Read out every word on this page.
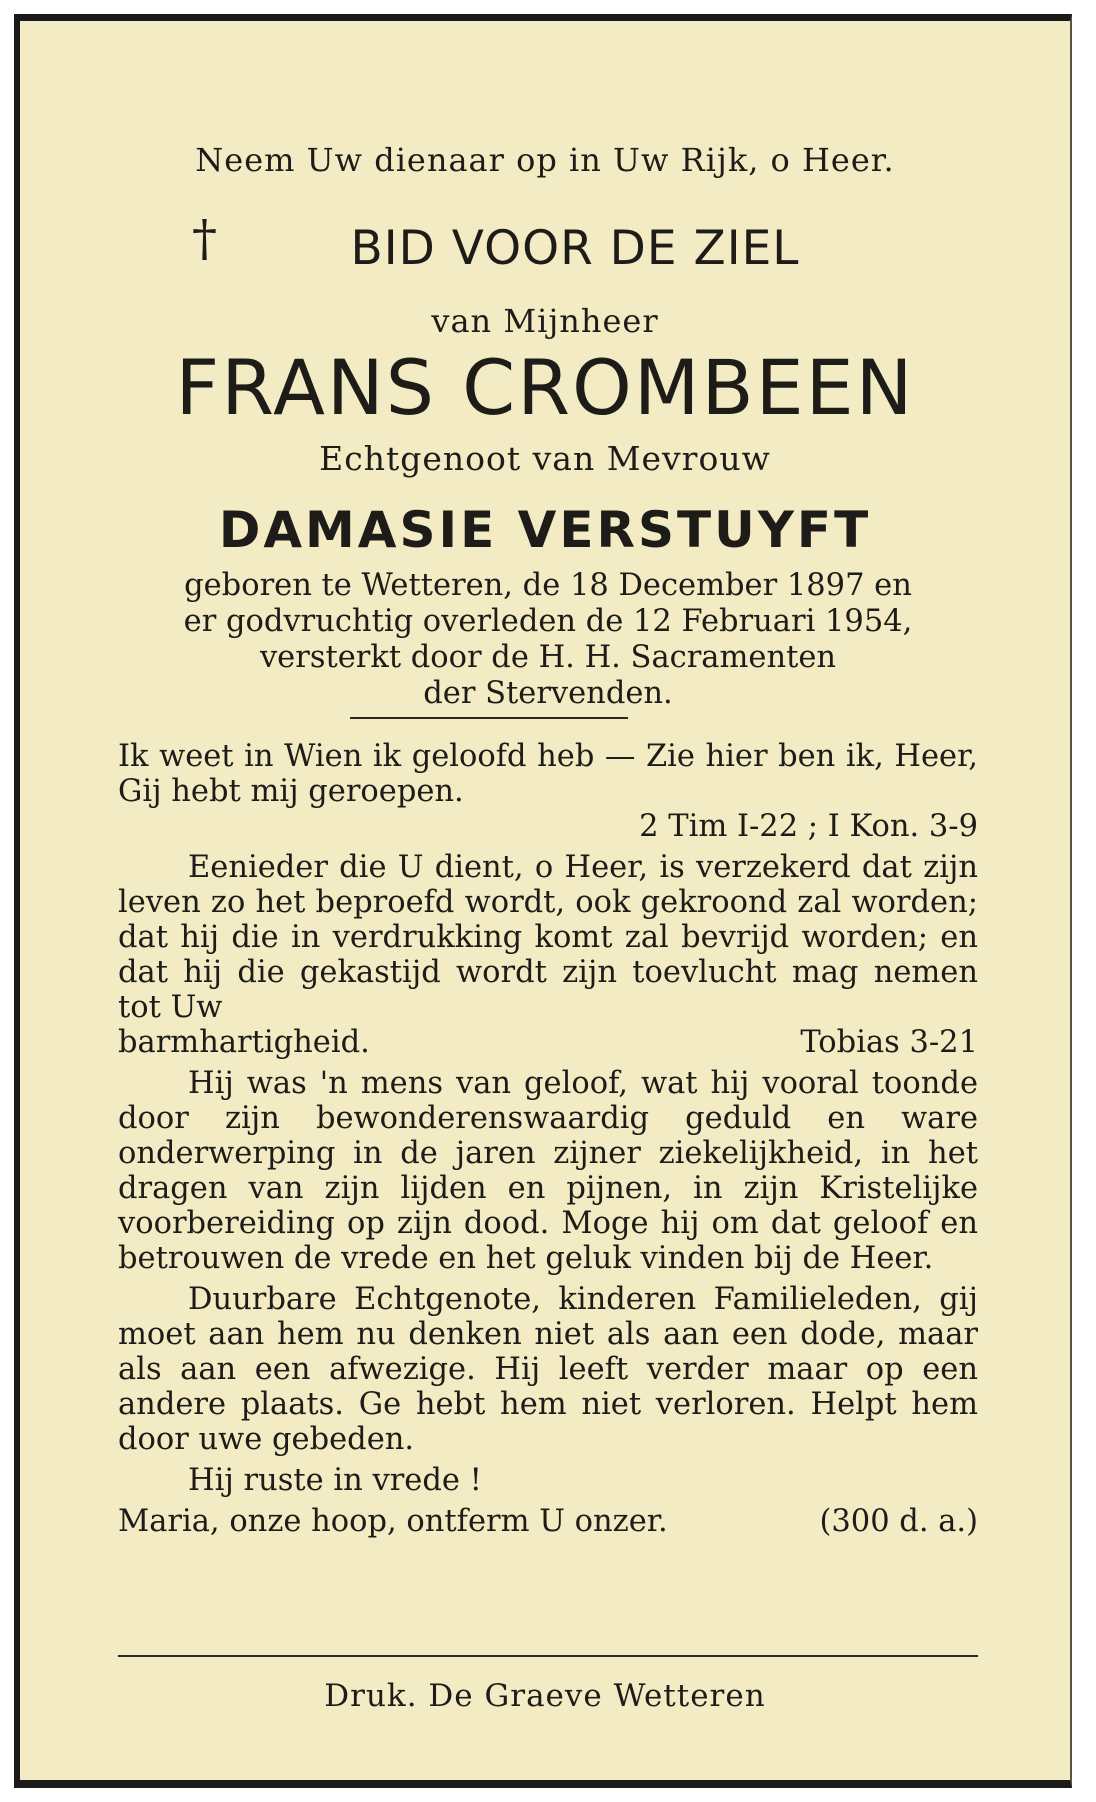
Neem Uw dienaar op in Uw Rijk, o Heer.

†	BID VOOR DE ZIEL

van Mijnheer

FRANS CROMBEEN

Echtgenoot van Mevrouw

DAMASIE VERSTUYFT

geboren te Wetteren, de 18 December 1897 en
er godvruchtig overleden de 12 Februari 1954,
versterkt door de H. H. Sacramenten
der Stervenden.

Ik weet in Wien ik geloofd heb — Zie hier ben ik, Heer, Gij hebt mij geroepen.

2 Tim I-22 ; I Kon. 3-9

Eenieder die U dient, o Heer, is verzekerd dat zijn leven zo het beproefd wordt, ook gekroond zal worden; dat hij die in verdrukking komt zal bevrijd worden; en dat hij die gekastijd wordt zijn toevlucht mag nemen tot Uw

barmhartigheid.	Tobias 3-21

Hij was 'n mens van geloof, wat hij vooral toonde door zijn bewonderenswaardig geduld en ware onderwerping in de jaren zijner ziekelijkheid, in het dragen van zijn lijden en pijnen, in zijn Kristelijke voorbereiding op zijn dood. Moge hij om dat geloof en betrouwen de vrede en het geluk vinden bij de Heer.

Duurbare Echtgenote, kinderen Familieleden, gij moet aan hem nu denken niet als aan een dode, maar als aan een afwezige. Hij leeft verder maar op een andere plaats. Ge hebt hem niet verloren. Helpt hem door uwe gebeden.

Hij ruste in vrede !

Maria, onze hoop, ontferm U onzer.	(300 d. a.)

Druk. De Graeve Wetteren
